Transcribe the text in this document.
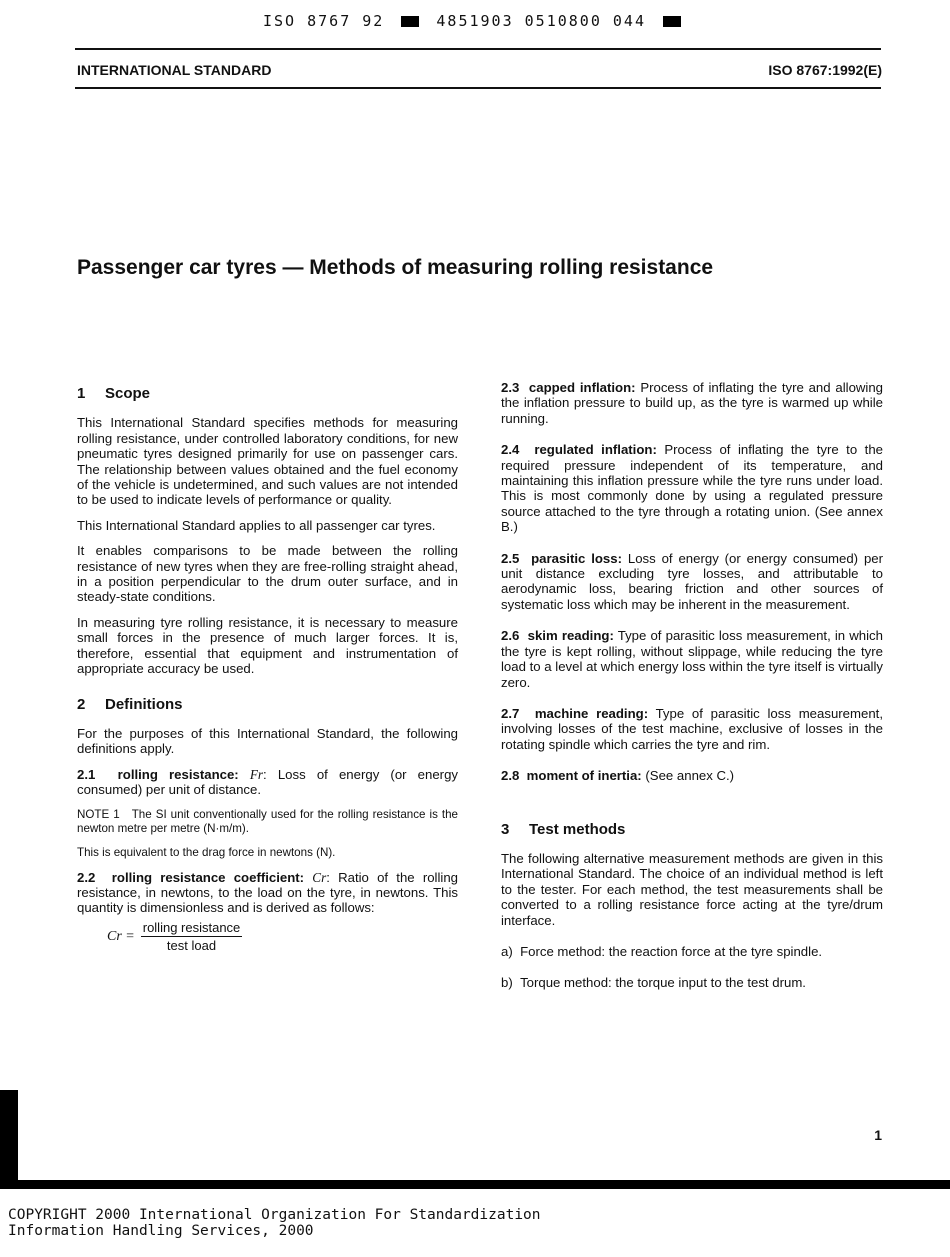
ISO 8767 92	4851903 0510800 044
INTERNATIONAL STANDARD	ISO 8767:1992(E)
Passenger car tyres — Methods of measuring rolling resistance
1 Scope

This International Standard specifies methods for measuring rolling resistance, under controlled laboratory conditions, for new pneumatic tyres designed primarily for use on passenger cars. The relationship between values obtained and the fuel economy of the vehicle is undetermined, and such values are not intended to be used to indicate levels of performance or quality.

This International Standard applies to all passenger car tyres.

It enables comparisons to be made between the rolling resistance of new tyres when they are free-rolling straight ahead, in a position perpendicular to the drum outer surface, and in steady-state conditions.

In measuring tyre rolling resistance, it is necessary to measure small forces in the presence of much larger forces. It is, therefore, essential that equipment and instrumentation of appropriate accuracy be used.

2 Definitions

For the purposes of this International Standard, the following definitions apply.

2.1 rolling resistance: Fr: Loss of energy (or energy consumed) per unit of distance.

NOTE 1 The SI unit conventionally used for the rolling resistance is the newton metre per metre (N·m/m).

This is equivalent to the drag force in newtons (N).

2.2 rolling resistance coefficient: Cr: Ratio of the rolling resistance, in newtons, to the load on the tyre, in newtons. This quantity is dimensionless and is derived as follows:

$Cr = \frac{\text{rolling resistance}}{\text{test load}}$

2.3 capped inflation: Process of inflating the tyre and allowing the inflation pressure to build up, as the tyre is warmed up while running.

2.4 regulated inflation: Process of inflating the tyre to the required pressure independent of its temperature, and maintaining this inflation pressure while the tyre runs under load. This is most commonly done by using a regulated pressure source attached to the tyre through a rotating union. (See annex B.)

2.5 parasitic loss: Loss of energy (or energy consumed) per unit distance excluding tyre losses, and attributable to aerodynamic loss, bearing friction and other sources of systematic loss which may be inherent in the measurement.

2.6 skim reading: Type of parasitic loss measurement, in which the tyre is kept rolling, without slippage, while reducing the tyre load to a level at which energy loss within the tyre itself is virtually zero.

2.7 machine reading: Type of parasitic loss measurement, involving losses of the test machine, exclusive of losses in the rotating spindle which carries the tyre and rim.

2.8 moment of inertia: (See annex C.)

3 Test methods

The following alternative measurement methods are given in this International Standard. The choice of an individual method is left to the tester. For each method, the test measurements shall be converted to a rolling resistance force acting at the tyre/drum interface.

a) Force method: the reaction force at the tyre spindle.

b) Torque method: the torque input to the test drum.

1
COPYRIGHT 2000 International Organization For Standardization
Information Handling Services, 2000
